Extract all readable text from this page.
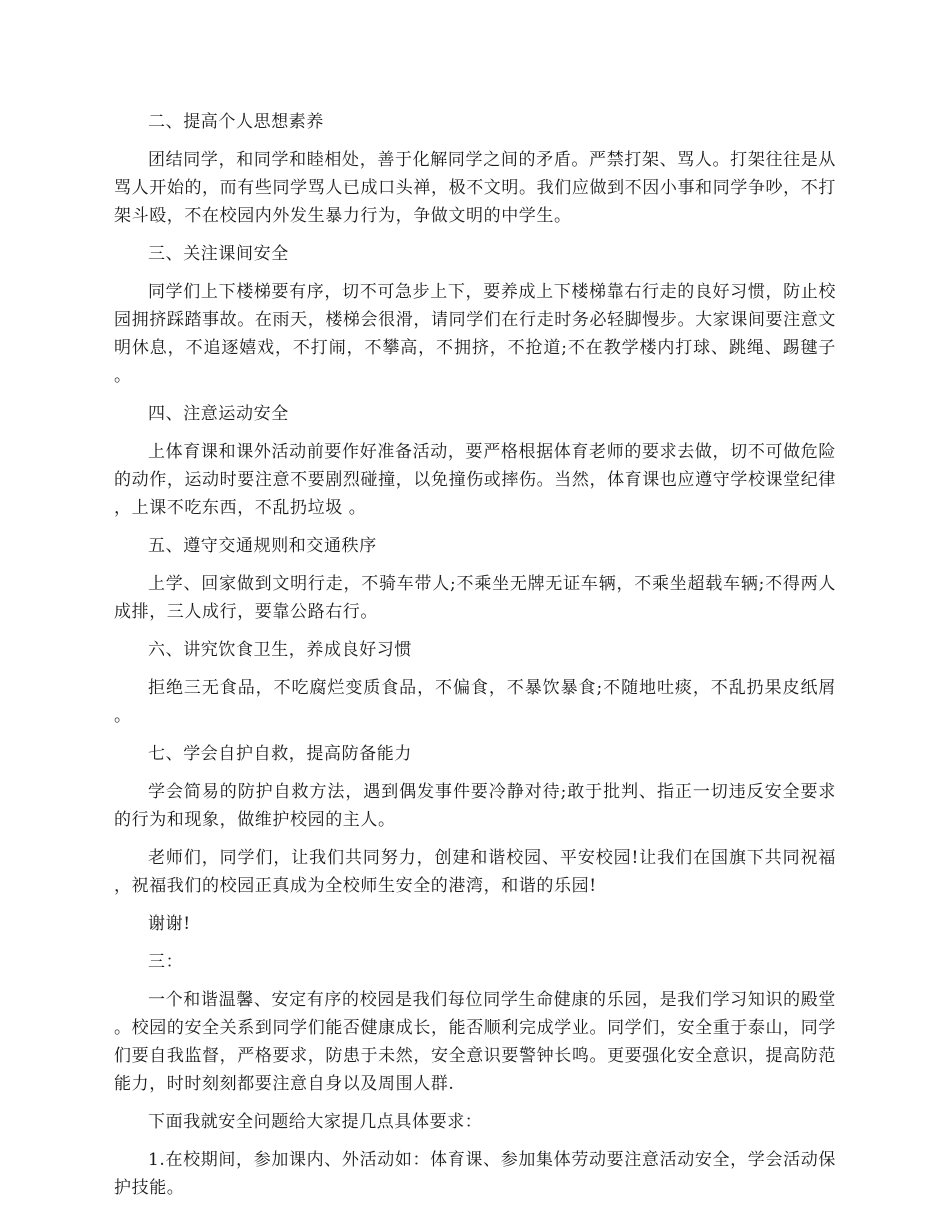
二、提高个人思想素养

团结同学，和同学和睦相处，善于化解同学之间的矛盾。严禁打架、骂人。打架往往是从骂人开始的，而有些同学骂人已成口头禅，极不文明。我们应做到不因小事和同学争吵，不打架斗殴，不在校园内外发生暴力行为，争做文明的中学生。

三、关注课间安全

同学们上下楼梯要有序，切不可急步上下，要养成上下楼梯靠右行走的良好习惯，防止校园拥挤踩踏事故。在雨天，楼梯会很滑，请同学们在行走时务必轻脚慢步。大家课间要注意文明休息，不追逐嬉戏，不打闹，不攀高，不拥挤，不抢道;不在教学楼内打球、跳绳、踢毽子。

四、注意运动安全

上体育课和课外活动前要作好准备活动，要严格根据体育老师的要求去做，切不可做危险的动作，运动时要注意不要剧烈碰撞，以免撞伤或摔伤。当然，体育课也应遵守学校课堂纪律，上课不吃东西，不乱扔垃圾 。

五、遵守交通规则和交通秩序

上学、回家做到文明行走，不骑车带人;不乘坐无牌无证车辆，不乘坐超载车辆;不得两人成排，三人成行，要靠公路右行。

六、讲究饮食卫生，养成良好习惯

拒绝三无食品，不吃腐烂变质食品，不偏食，不暴饮暴食;不随地吐痰，不乱扔果皮纸屑。

七、学会自护自救，提高防备能力

学会简易的防护自救方法，遇到偶发事件要冷静对待;敢于批判、指正一切违反安全要求的行为和现象，做维护校园的主人。

老师们，同学们，让我们共同努力，创建和谐校园、平安校园!让我们在国旗下共同祝福，祝福我们的校园正真成为全校师生安全的港湾，和谐的乐园!

谢谢!

三：

一个和谐温馨、安定有序的校园是我们每位同学生命健康的乐园，是我们学习知识的殿堂。校园的安全关系到同学们能否健康成长，能否顺利完成学业。同学们，安全重于泰山，同学们要自我监督，严格要求，防患于未然，安全意识要警钟长鸣。更要强化安全意识，提高防范能力，时时刻刻都要注意自身以及周围人群.

下面我就安全问题给大家提几点具体要求：

1.在校期间，参加课内、外活动如：体育课、参加集体劳动要注意活动安全，学会活动保护技能。
